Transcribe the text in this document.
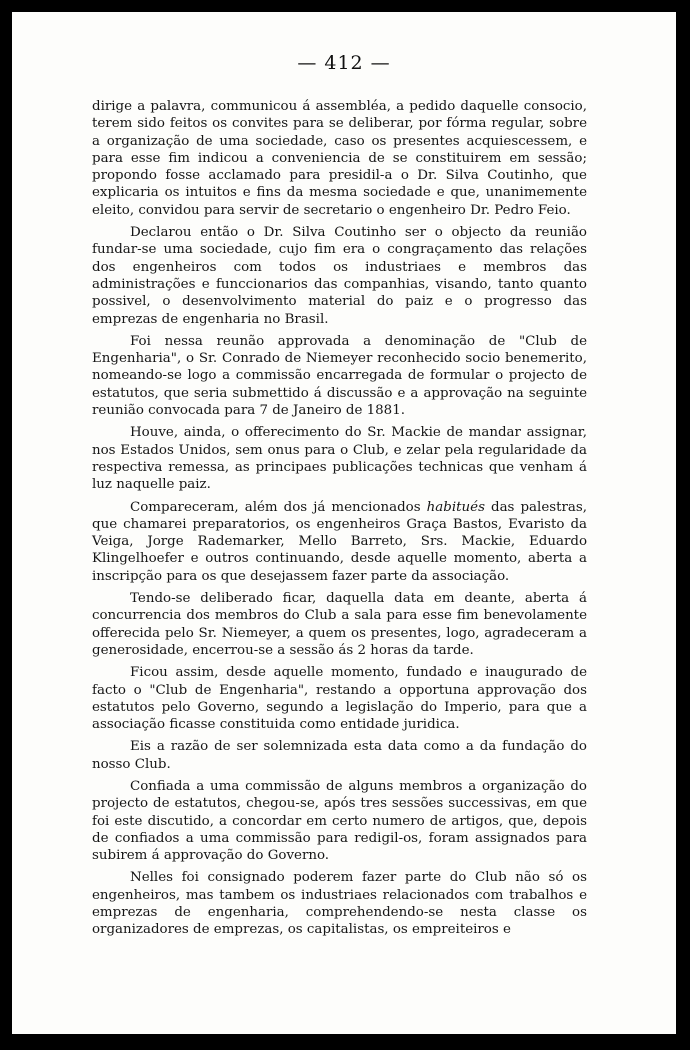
— 412 —

dirige a palavra, communicou á assembléa, a pedido daquelle consocio, terem sido feitos os convites para se deliberar, por fórma regular, sobre a organização de uma sociedade, caso os presentes acquiescessem, e para esse fim indicou a conveniencia de se constituirem em sessão; propondo fosse acclamado para presidil-a o Dr. Silva Coutinho, que explicaria os intuitos e fins da mesma sociedade e que, unanimemente eleito, convidou para servir de secretario o engenheiro Dr. Pedro Feio.

Declarou então o Dr. Silva Coutinho ser o objecto da reunião fundar-se uma sociedade, cujo fim era o congraçamento das relações dos engenheiros com todos os industriaes e membros das administrações e funccionarios das companhias, visando, tanto quanto possivel, o desenvolvimento material do paiz e o progresso das emprezas de engenharia no Brasil.

Foi nessa reunão approvada a denominação de "Club de Engenharia", o Sr. Conrado de Niemeyer reconhecido socio benemerito, nomeando-se logo a commissão encarregada de formular o projecto de estatutos, que seria submettido á discussão e a approvação na seguinte reunião convocada para 7 de Janeiro de 1881.

Houve, ainda, o offerecimento do Sr. Mackie de mandar assignar, nos Estados Unidos, sem onus para o Club, e zelar pela regularidade da respectiva remessa, as principaes publicações technicas que venham á luz naquelle paiz.

Compareceram, além dos já mencionados habitués das palestras, que chamarei preparatorios, os engenheiros Graça Bastos, Evaristo da Veiga, Jorge Rademarker, Mello Barreto, Srs. Mackie, Eduardo Klingelhoefer e outros continuando, desde aquelle momento, aberta a inscripção para os que desejassem fazer parte da associação.

Tendo-se deliberado ficar, daquella data em deante, aberta á concurrencia dos membros do Club a sala para esse fim benevolamente offerecida pelo Sr. Niemeyer, a quem os presentes, logo, agradeceram a generosidade, encerrou-se a sessão ás 2 horas da tarde.

Ficou assim, desde aquelle momento, fundado e inaugurado de facto o "Club de Engenharia", restando a opportuna approvação dos estatutos pelo Governo, segundo a legislação do Imperio, para que a associação ficasse constituida como entidade juridica.

Eis a razão de ser solemnizada esta data como a da fundação do nosso Club.

Confiada a uma commissão de alguns membros a organização do projecto de estatutos, chegou-se, após tres sessões successivas, em que foi este discutido, a concordar em certo numero de artigos, que, depois de confiados a uma commissão para redigil-os, foram assignados para subirem á approvação do Governo.

Nelles foi consignado poderem fazer parte do Club não só os engenheiros, mas tambem os industriaes relacionados com trabalhos e emprezas de engenharia, comprehendendo-se nesta classe os organizadores de emprezas, os capitalistas, os empreiteiros e
